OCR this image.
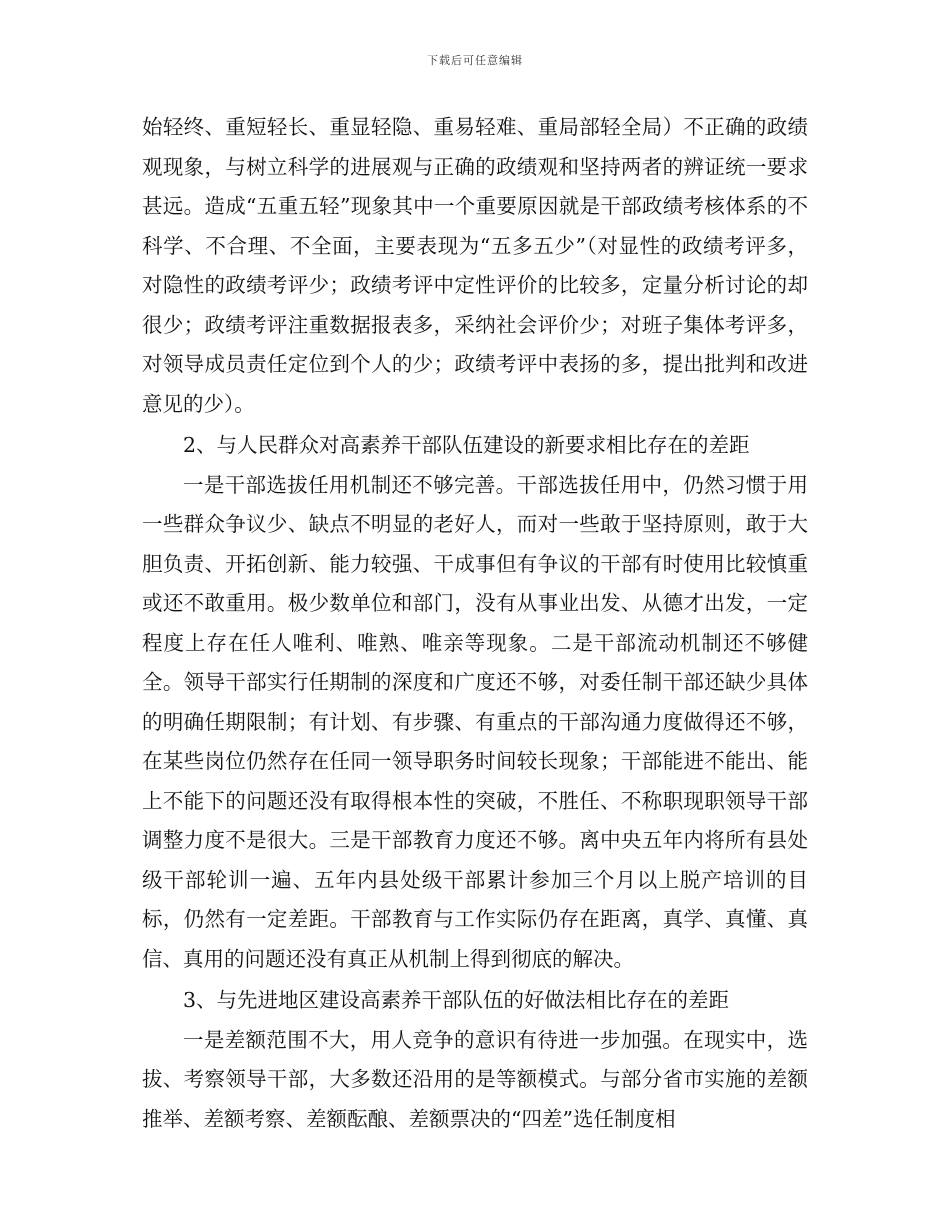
下载后可任意编辑

始轻终、重短轻长、重显轻隐、重易轻难、重局部轻全局）不正确的政绩观现象，与树立科学的进展观与正确的政绩观和坚持两者的辨证统一要求甚远。造成“五重五轻”现象其中一个重要原因就是干部政绩考核体系的不科学、不合理、不全面，主要表现为“五多五少”（对显性的政绩考评多，对隐性的政绩考评少；政绩考评中定性评价的比较多，定量分析讨论的却很少；政绩考评注重数据报表多，采纳社会评价少；对班子集体考评多，对领导成员责任定位到个人的少；政绩考评中表扬的多，提出批判和改进意见的少）。

2、与人民群众对高素养干部队伍建设的新要求相比存在的差距

一是干部选拔任用机制还不够完善。干部选拔任用中，仍然习惯于用一些群众争议少、缺点不明显的老好人，而对一些敢于坚持原则，敢于大胆负责、开拓创新、能力较强、干成事但有争议的干部有时使用比较慎重或还不敢重用。极少数单位和部门，没有从事业出发、从德才出发，一定程度上存在任人唯利、唯熟、唯亲等现象。二是干部流动机制还不够健全。领导干部实行任期制的深度和广度还不够，对委任制干部还缺少具体的明确任期限制；有计划、有步骤、有重点的干部沟通力度做得还不够，在某些岗位仍然存在任同一领导职务时间较长现象；干部能进不能出、能上不能下的问题还没有取得根本性的突破，不胜任、不称职现职领导干部调整力度不是很大。三是干部教育力度还不够。离中央五年内将所有县处级干部轮训一遍、五年内县处级干部累计参加三个月以上脱产培训的目标，仍然有一定差距。干部教育与工作实际仍存在距离，真学、真懂、真信、真用的问题还没有真正从机制上得到彻底的解决。

3、与先进地区建设高素养干部队伍的好做法相比存在的差距

一是差额范围不大，用人竞争的意识有待进一步加强。在现实中，选拔、考察领导干部，大多数还沿用的是等额模式。与部分省市实施的差额推举、差额考察、差额酝酿、差额票决的“四差”选任制度相
